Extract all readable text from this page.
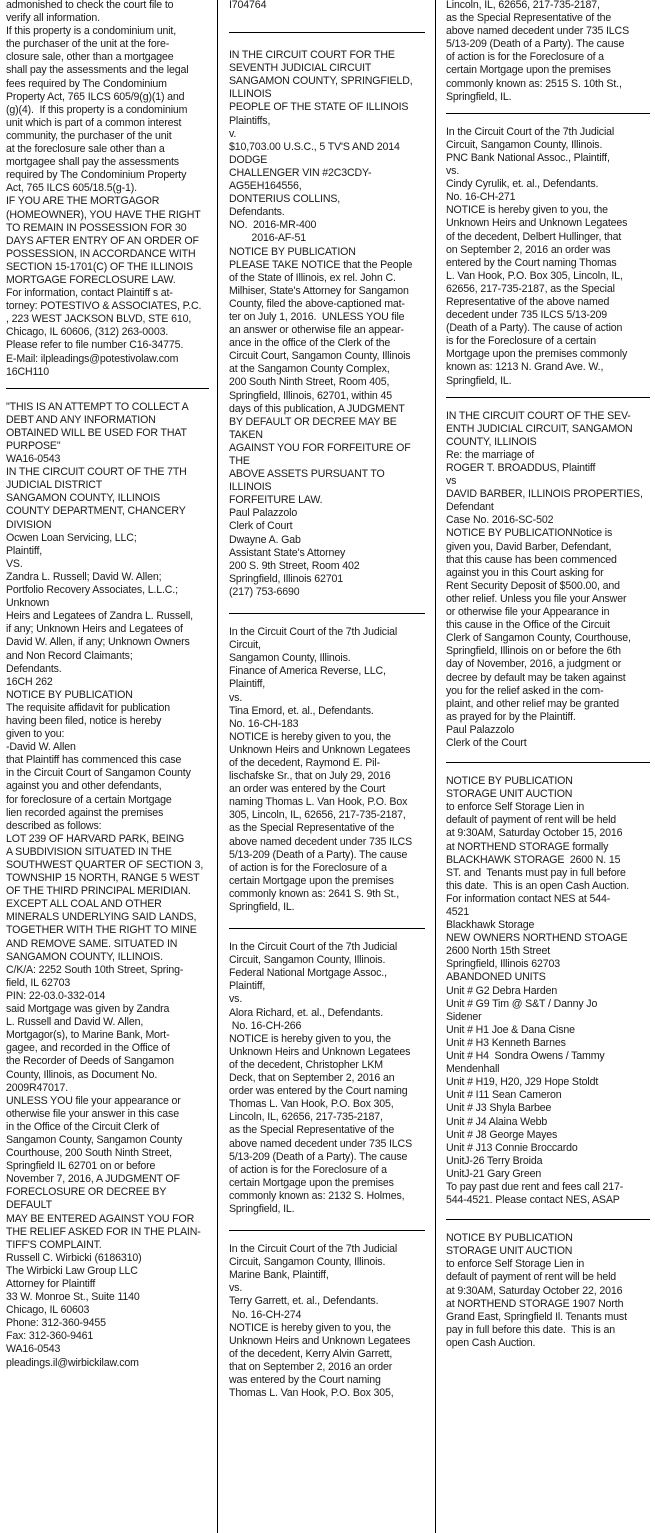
admonished to check the court file to
verify all information.
If this property is a condominium unit,
the purchaser of the unit at the fore-
closure sale, other than a mortgagee
shall pay the assessments and the legal
fees required by The Condominium
Property Act, 765 ILCS 605/9(g)(1) and
(g)(4).  If this property is a condominium
unit which is part of a common interest
community, the purchaser of the unit
at the foreclosure sale other than a
mortgagee shall pay the assessments
required by The Condominium Property
Act, 765 ILCS 605/18.5(g-1).
IF YOU ARE THE MORTGAGOR
(HOMEOWNER), YOU HAVE THE RIGHT
TO REMAIN IN POSSESSION FOR 30
DAYS AFTER ENTRY OF AN ORDER OF
POSSESSION, IN ACCORDANCE WITH
SECTION 15-1701(C) OF THE ILLINOIS
MORTGAGE FORECLOSURE LAW.
For information, contact Plaintiff s at-
torney: POTESTIVO & ASSOCIATES, P.C.
, 223 WEST JACKSON BLVD, STE 610,
Chicago, IL 60606, (312) 263-0003.
Please refer to file number C16-34775.
E-Mail: ilpleadings@potestivolaw.com
16CH110
"THIS IS AN ATTEMPT TO COLLECT A
DEBT AND ANY INFORMATION
OBTAINED WILL BE USED FOR THAT
PURPOSE"
WA16-0543
IN THE CIRCUIT COURT OF THE 7TH
JUDICIAL DISTRICT
SANGAMON COUNTY, ILLINOIS
COUNTY DEPARTMENT, CHANCERY
DIVISION
Ocwen Loan Servicing, LLC;
Plaintiff,
VS.
Zandra L. Russell; David W. Allen;
Portfolio Recovery Associates, L.L.C.;
Unknown
Heirs and Legatees of Zandra L. Russell,
if any; Unknown Heirs and Legatees of
David W. Allen, if any; Unknown Owners
and Non Record Claimants;
Defendants.
16CH 262
NOTICE BY PUBLICATION
The requisite affidavit for publication
having been filed, notice is hereby
given to you:
-David W. Allen
that Plaintiff has commenced this case
in the Circuit Court of Sangamon County
against you and other defendants,
for foreclosure of a certain Mortgage
lien recorded against the premises
described as follows:
LOT 239 OF HARVARD PARK, BEING
A SUBDIVISION SITUATED IN THE
SOUTHWEST QUARTER OF SECTION 3,
TOWNSHIP 15 NORTH, RANGE 5 WEST
OF THE THIRD PRINCIPAL MERIDIAN.
EXCEPT ALL COAL AND OTHER
MINERALS UNDERLYING SAID LANDS,
TOGETHER WITH THE RIGHT TO MINE
AND REMOVE SAME. SITUATED IN
SANGAMON COUNTY, ILLINOIS.
C/K/A: 2252 South 10th Street, Spring-
field, IL 62703
PIN: 22-03.0-332-014
said Mortgage was given by Zandra
L. Russell and David W. Allen,
Mortgagor(s), to Marine Bank, Mort-
gagee, and recorded in the Office of
the Recorder of Deeds of Sangamon
County, Illinois, as Document No.
2009R47017.
UNLESS YOU file your appearance or
otherwise file your answer in this case
in the Office of the Circuit Clerk of
Sangamon County, Sangamon County
Courthouse, 200 South Ninth Street,
Springfield IL 62701 on or before
November 7, 2016, A JUDGMENT OF
FORECLOSURE OR DECREE BY DEFAULT
MAY BE ENTERED AGAINST YOU FOR
THE RELIEF ASKED FOR IN THE PLAIN-
TIFF'S COMPLAINT.
Russell C. Wirbicki (6186310)
The Wirbicki Law Group LLC
Attorney for Plaintiff
33 W. Monroe St., Suite 1140
Chicago, IL 60603
Phone: 312-360-9455
Fax: 312-360-9461
WA16-0543
pleadings.il@wirbickilaw.com
I704764
IN THE CIRCUIT COURT FOR THE
SEVENTH JUDICIAL CIRCUIT
SANGAMON COUNTY, SPRINGFIELD,
ILLINOIS
PEOPLE OF THE STATE OF ILLINOIS
Plaintiffs,
v.
$10,703.00 U.S.C., 5 TV'S AND 2014
DODGE
CHALLENGER VIN #2C3CDY-
AG5EH164556,
DONTERIUS COLLINS,
Defendants.
NO.  2016-MR-400
2016-AF-51
NOTICE BY PUBLICATION
PLEASE TAKE NOTICE that the People
of the State of Illinois, ex rel. John C.
Milhiser, State's Attorney for Sangamon
County, filed the above-captioned mat-
ter on July 1, 2016.  UNLESS YOU file
an answer or otherwise file an appear-
ance in the office of the Clerk of the
Circuit Court, Sangamon County, Illinois
at the Sangamon County Complex,
200 South Ninth Street, Room 405,
Springfield, Illinois, 62701, within 45
days of this publication, A JUDGMENT
BY DEFAULT OR DECREE MAY BE TAKEN
AGAINST YOU FOR FORFEITURE OF THE
ABOVE ASSETS PURSUANT TO ILLINOIS
FORFEITURE LAW.
Paul Palazzolo
Clerk of Court
Dwayne A. Gab
Assistant State's Attorney
200 S. 9th Street, Room 402
Springfield, Illinois 62701
(217) 753-6690
In the Circuit Court of the 7th Judicial
Circuit,
Sangamon County, Illinois.
Finance of America Reverse, LLC,
Plaintiff,
vs.
Tina Emord, et. al., Defendants.
No. 16-CH-183
NOTICE is hereby given to you, the
Unknown Heirs and Unknown Legatees
of the decedent, Raymond E. Pil-
lischafske Sr., that on July 29, 2016
an order was entered by the Court
naming Thomas L. Van Hook, P.O. Box
305, Lincoln, IL, 62656, 217-735-2187,
as the Special Representative of the
above named decedent under 735 ILCS
5/13-209 (Death of a Party). The cause
of action is for the Foreclosure of a
certain Mortgage upon the premises
commonly known as: 2641 S. 9th St.,
Springfield, IL.
In the Circuit Court of the 7th Judicial
Circuit, Sangamon County, Illinois.
Federal National Mortgage Assoc.,
Plaintiff,
vs.
Alora Richard, et. al., Defendants.
No. 16-CH-266
NOTICE is hereby given to you, the
Unknown Heirs and Unknown Legatees
of the decedent, Christopher LKM
Deck, that on September 2, 2016 an
order was entered by the Court naming
Thomas L. Van Hook, P.O. Box 305,
Lincoln, IL, 62656, 217-735-2187,
as the Special Representative of the
above named decedent under 735 ILCS
5/13-209 (Death of a Party). The cause
of action is for the Foreclosure of a
certain Mortgage upon the premises
commonly known as: 2132 S. Holmes,
Springfield, IL.
In the Circuit Court of the 7th Judicial
Circuit, Sangamon County, Illinois.
Marine Bank, Plaintiff,
vs.
Terry Garrett, et. al., Defendants.
No. 16-CH-274
NOTICE is hereby given to you, the
Unknown Heirs and Unknown Legatees
of the decedent, Kerry Alvin Garrett,
that on September 2, 2016 an order
was entered by the Court naming
Thomas L. Van Hook, P.O. Box 305,
Lincoln, IL, 62656, 217-735-2187,
as the Special Representative of the
above named decedent under 735 ILCS
5/13-209 (Death of a Party). The cause
of action is for the Foreclosure of a
certain Mortgage upon the premises
commonly known as: 2515 S. 10th St.,
Springfield, IL.
In the Circuit Court of the 7th Judicial
Circuit, Sangamon County, Illinois.
PNC Bank National Assoc., Plaintiff,
vs.
Cindy Cyrulik, et. al., Defendants.
No. 16-CH-271
NOTICE is hereby given to you, the
Unknown Heirs and Unknown Legatees
of the decedent, Delbert Hullinger, that
on September 2, 2016 an order was
entered by the Court naming Thomas
L. Van Hook, P.O. Box 305, Lincoln, IL,
62656, 217-735-2187, as the Special
Representative of the above named
decedent under 735 ILCS 5/13-209
(Death of a Party). The cause of action
is for the Foreclosure of a certain
Mortgage upon the premises commonly
known as: 1213 N. Grand Ave. W.,
Springfield, IL.
IN THE CIRCUIT COURT OF THE SEV-
ENTH JUDICIAL CIRCUIT, SANGAMON
COUNTY, ILLINOIS
Re: the marriage of
ROGER T. BROADDUS, Plaintiff
vs
DAVID BARBER, ILLINOIS PROPERTIES,
Defendant
Case No. 2016-SC-502
NOTICE BY PUBLICATIONNotice is
given you, David Barber, Defendant,
that this cause has been commenced
against you in this Court asking for
Rent Security Deposit of $500.00, and
other relief. Unless you file your Answer
or otherwise file your Appearance in
this cause in the Office of the Circuit
Clerk of Sangamon County, Courthouse,
Springfield, Illinois on or before the 6th
day of November, 2016, a judgment or
decree by default may be taken against
you for the relief asked in the com-
plaint, and other relief may be granted
as prayed for by the Plaintiff.
Paul Palazzolo
Clerk of the Court
NOTICE BY PUBLICATION
STORAGE UNIT AUCTION
to enforce Self Storage Lien in
default of payment of rent will be held
at 9:30AM, Saturday October 15, 2016
at NORTHEND STORAGE formally
BLACKHAWK STORAGE  2600 N. 15
ST. and  Tenants must pay in full before
this date.  This is an open Cash Auction.
For information contact NES at 544-
4521
Blackhawk Storage
NEW OWNERS NORTHEND STOAGE
2600 North 15th Street
Springfield, Illinois 62703
ABANDONED UNITS
Unit # G2 Debra Harden
Unit # G9 Tim @ S&T / Danny Jo
Sidener
Unit # H1 Joe & Dana Cisne
Unit # H3 Kenneth Barnes
Unit # H4  Sondra Owens / Tammy
Mendenhall
Unit # H19, H20, J29 Hope Stoldt
Unit # I11 Sean Cameron
Unit # J3 Shyla Barbee
Unit # J4 Alaina Webb
Unit # J8 George Mayes
Unit # J13 Connie Broccardo
UnitJ-26 Terry Broida
UnitJ-21 Gary Green
To pay past due rent and fees call 217-
544-4521. Please contact NES, ASAP
NOTICE BY PUBLICATION
STORAGE UNIT AUCTION
to enforce Self Storage Lien in
default of payment of rent will be held
at 9:30AM, Saturday October 22, 2016
at NORTHEND STORAGE 1907 North
Grand East, Springfield Il. Tenants must
pay in full before this date.  This is an
open Cash Auction.
